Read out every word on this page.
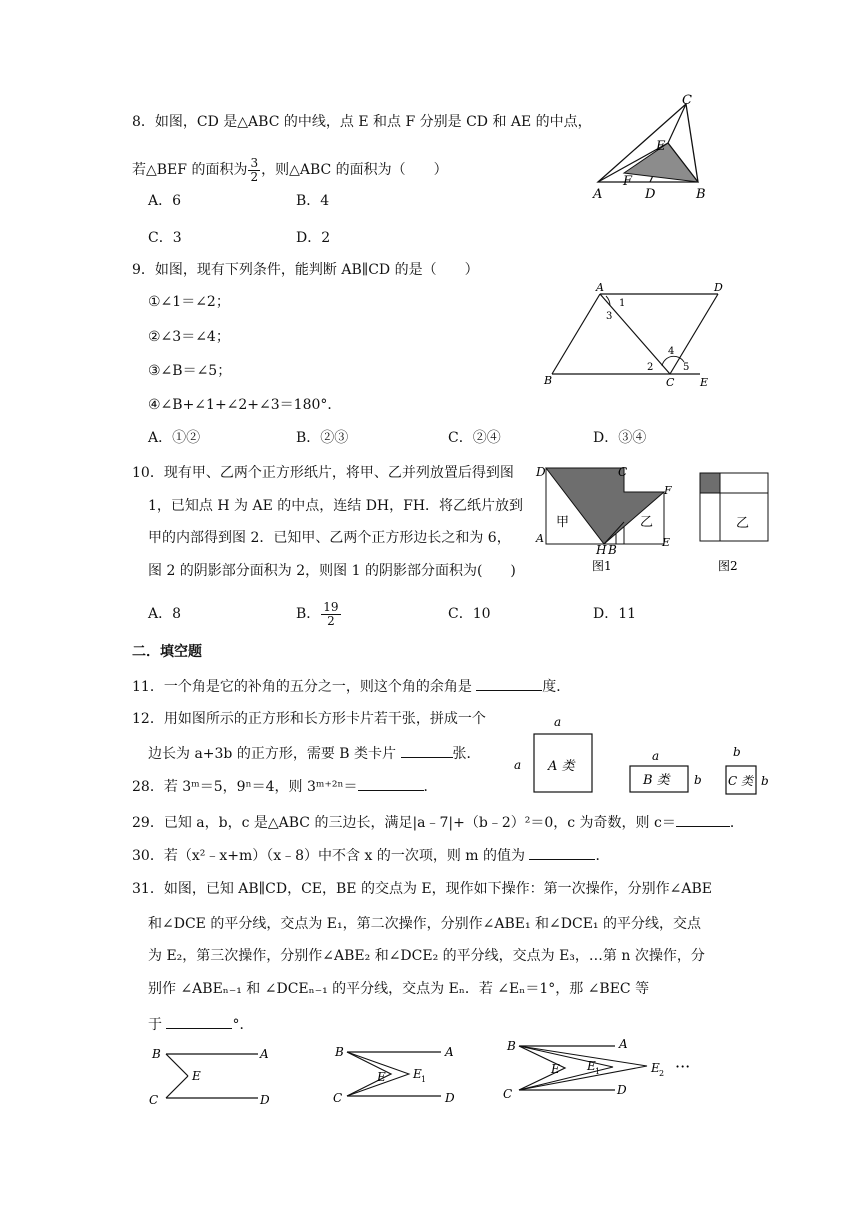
8．如图，CD 是△ABC 的中线，点 E 和点 F 分别是 CD 和 AE 的中点，
若△BEF 的面积为 $\frac{3}{2}$ ，则△ABC 的面积为（　　）
A．6	B．4
C．3	D．2
C
E
F
A	D	B
9．如图，现有下列条件，能判断 AB∥CD 的是（　　）
①∠1＝∠2；
②∠3＝∠4；
③∠B＝∠5；
④∠B+∠1+∠2+∠3＝180°．
A．①②	B．②③	C．②④	D．③④
A	D
B	C E
1
3
2
4
5
10．现有甲、乙两个正方形纸片，将甲、乙并列放置后得到图
1，已知点 H 为 AE 的中点，连结 DH，FH．将乙纸片放到
甲的内部得到图 2．已知甲、乙两个正方形边长之和为 6，
图 2 的阴影部分面积为 2，则图 1 的阴影部分面积为(　　)
A．8	B． $\frac{19}{2}$	C．10	D．11
甲	乙
D	C
F
A
H B
E
图1
乙
图2
二．填空题
11．一个角是它的补角的五分之一，则这个角的余角是	度．
12．用如图所示的正方形和长方形卡片若干张，拼成一个
边长为 a+3b 的正方形，需要 B 类卡片	张．
a
a A 类
a
B 类 b
b
C 类 b
28．若 3ᵐ＝5，9ⁿ＝4，则 3ᵐ⁺²ⁿ＝	．
29．已知 a，b，c 是△ABC 的三边长，满足|a﹣7|+（b﹣2）²＝0，c 为奇数，则 c＝	．
30．若（x²﹣x+m）（x﹣8）中不含 x 的一次项，则 m 的值为	．
31．如图，已知 AB∥CD，CE，BE 的交点为 E，现作如下操作：第一次操作，分别作∠ABE
和∠DCE 的平分线，交点为 E₁，第二次操作，分别作∠ABE₁ 和∠DCE₁ 的平分线，交点
为 E₂，第三次操作，分别作∠ABE₂ 和∠DCE₂ 的平分线，交点为 E₃，…第 n 次操作，分
别作 ∠ABEₙ₋₁ 和 ∠DCEₙ₋₁ 的平分线，交点为 Eₙ．若 ∠Eₙ＝1°，那 ∠BEC 等
于	°．
B	A
E
C	D
B	A
E E 1
C	D
B	A
E E 1	E 2
C	D
···
